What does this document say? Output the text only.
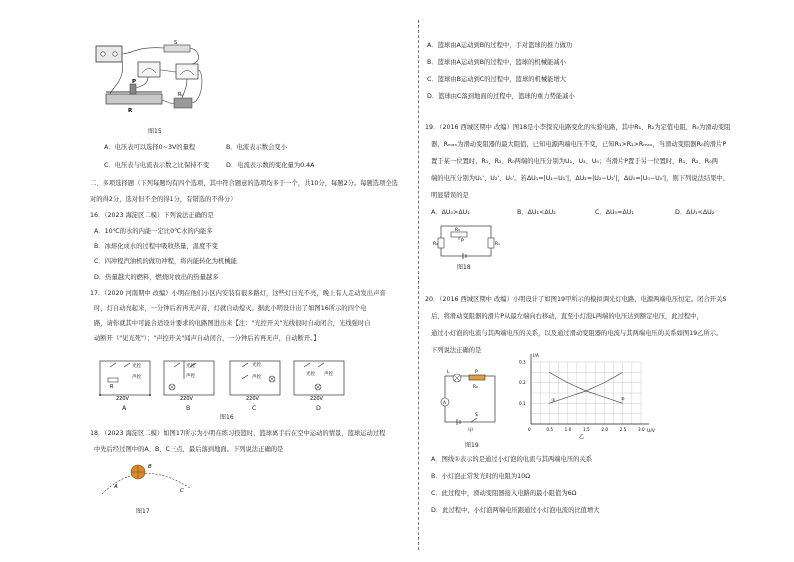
S
P
R
R₀
图15
A．电压表可以选择0~3V的量程	B．电流表示数会变小
C．电压表与电流表示数之比保持不变	D．电流表示数的变化量为0.4A
二、多项选择题（下列每题均有四个选项，其中符合题意的选项均多于一个，共10分，每题2分。每题选项全选
对的得2分，选对但不全的得1分，有错选的不得分）
16．（2023 海淀区二模）下列说法正确的是
A．10℃的水的内能一定比0℃水的内能多
B．冰熔化成水的过程中吸收热量，温度不变
C．四冲程汽油机的做功冲程，将内能转化为机械能
D．热量越大的燃料，燃烧时放出的热量越多
17．（2020 河南期中 改编）小明在他们小区内安装有很多路灯，这些灯日光不亮，晚上有人走动发出声音
时，灯自动亮起来，一分钟后若再无声音，灯就自动熄灭。据此小明设计出了如图16所示的四个电
路，请你就其中可能合适设计要求的电路图进出来【注："光控开关"光线很时自动闭合，光线强时自
动断开（"见光死"）；"声控开关"闻声自动闭合，一分钟后若再无声，自动断开。】
光控
声控
R
220V
A
光控
声控
220V
B
光控
声控
220V
C
光控 声控
220V
D
图16
18．（2023 海淀区二模）如图17所示为小明在练习投篮时，篮球离手后在空中运动的情景，篮球运动过程
中先后经过图中的A、B、C三点，最后落到地面。下列说法正确的是
A
B
C
图17
A．篮球由A运动到B的过程中，手对篮球的推力做功
B．篮球由A运动到B的过程中，篮球的机械能减小
C．篮球由B运动到C的过程中，篮球的机械能增大
D．篮球由C落到地面的过程中，篮球的重力势能减小
19．（2016 西城区期中 改编）图18是小李探究电路变化的实验电路，其中R₁、R₂为定值电阻，R₀为滑动变阻
器，Rₘₐₓ为滑动变阻器的最大阻值，已知电源两端电压不变，已知R₁>R₂>Rₘₐₓ，当滑动变阻器R₀的滑片P
置于某一位置时，R₁、R₂、R₀两端的电压分别为U₁、U₂、U₀；当滑片P置于另一位置时，R₁、R₂、R₀两
端的电压分别为U₁'、U₂'、U₀'。若ΔU₁=|U₁−U₁'|，ΔU₂=|U₂−U₂'|，ΔU₀=|U₀−U₀'|，则下列说法结果中，
明显错误的是
A．ΔU₀>ΔU₁	B．ΔU₁<ΔU₂	C．ΔU₀=ΔU₁	D．ΔU₁<ΔU₂
R₀
P
R₂	R₁
图18
20．（2016 西城区期中 改编）小明设计了如图19甲所示的模拟调光灯电路，电源两端电压恒定。闭合开关S
后，将滑动变阻器的滑片P从最左端向右移动，直至小灯泡L两端的电压达到额定电压，此过程中，
通过小灯泡的电流与其两端电压的关系，以及通过滑动变阻器的电流与其两端电压的关系如图19乙所示。
下列说法正确的是
L	P
R₀
A
S
甲
①	②
U/V
I/A
0	0.5	1.0	1.5	2.0	2.5	3.0
0.1
0.2
0.3
乙
图19
A．图线①表示的是通过小灯泡的电流与其两端电压的关系
B．小灯泡正常发光时的电阻为10Ω
C．此过程中，滑动变阻器接入电路的最小阻值为6Ω
D．此过程中，小灯泡两端电压跟通过小灯泡电流的比值增大
